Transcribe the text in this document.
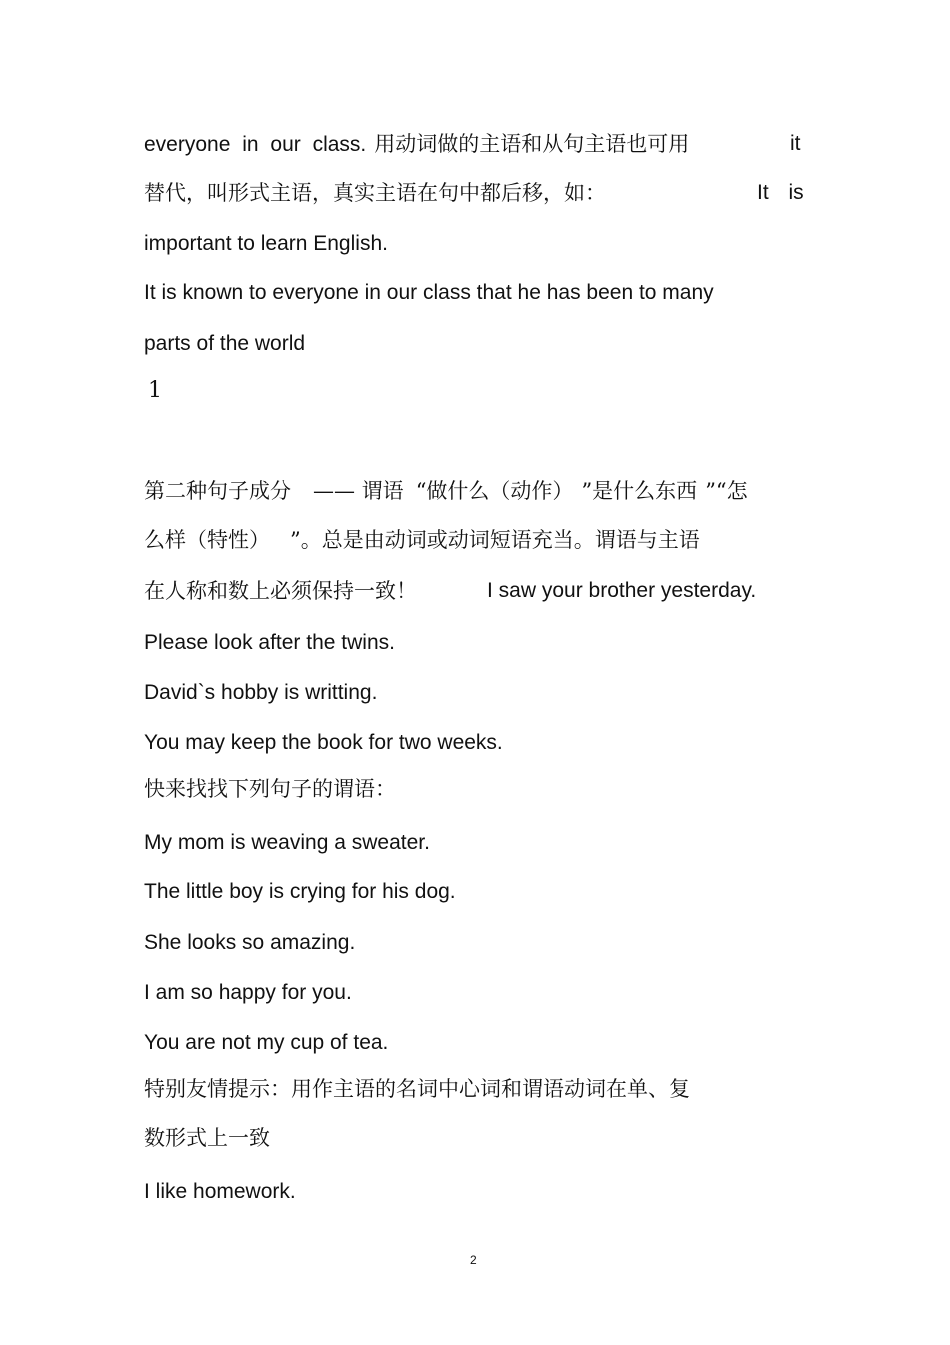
everyone in our class. 用动词做的主语和从句主语也可用	it
替代，叫形式主语，真实主语在句中都后移，如：	It is
important to learn English.
It is known to everyone in our class that he has been to many
parts of the world
1
第二种句子成分 —— 谓语 “做什么（动作） ”是什么东西 ”“怎
么样（特性） ”。总是由动词或动词短语充当。谓语与主语
在人称和数上必须保持一致！	I saw your brother yesterday.
Please look after the twins.
David`s hobby is writting.
You may keep the book for two weeks.
快来找找下列句子的谓语：
My mom is weaving a sweater.
The little boy is crying for his dog.
She looks so amazing.
I am so happy for you.
You are not my cup of tea.
特别友情提示：用作主语的名词中心词和谓语动词在单、复
数形式上一致
I like homework.
2
